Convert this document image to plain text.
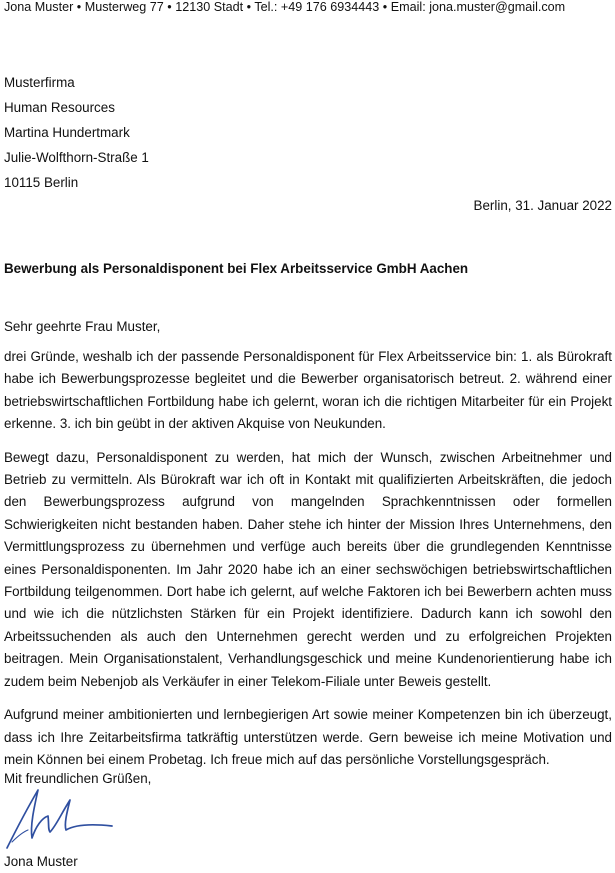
Jona Muster • Musterweg 77 • 12130 Stadt • Tel.: +49 176 6934443 • Email: jona.muster@gmail.com
Musterfirma
Human Resources
Martina Hundertmark
Julie-Wolfthorn-Straße 1
10115 Berlin
Berlin, 31. Januar 2022
Bewerbung als Personaldisponent bei Flex Arbeitsservice GmbH Aachen
Sehr geehrte Frau Muster,

drei Gründe, weshalb ich der passende Personaldisponent für Flex Arbeitsservice bin: 1. als Bürokraft habe ich Bewerbungsprozesse begleitet und die Bewerber organisatorisch betreut. 2. während einer betriebswirtschaftlichen Fortbildung habe ich gelernt, woran ich die richtigen Mitarbeiter für ein Projekt erkenne. 3. ich bin geübt in der aktiven Akquise von Neukunden.

Bewegt dazu, Personaldisponent zu werden, hat mich der Wunsch, zwischen Arbeitnehmer und Betrieb zu vermitteln. Als Bürokraft war ich oft in Kontakt mit qualifizierten Arbeitskräften, die jedoch den Bewerbungsprozess aufgrund von mangelnden Sprachkenntnissen oder formellen Schwierigkeiten nicht bestanden haben. Daher stehe ich hinter der Mission Ihres Unternehmens, den Vermittlungsprozess zu übernehmen und verfüge auch bereits über die grundlegenden Kenntnisse eines Personaldisponenten. Im Jahr 2020 habe ich an einer sechswöchigen betriebswirtschaftlichen Fortbildung teilgenommen. Dort habe ich gelernt, auf welche Faktoren ich bei Bewerbern achten muss und wie ich die nützlichsten Stärken für ein Projekt identifiziere. Dadurch kann ich sowohl den Arbeitssuchenden als auch den Unternehmen gerecht werden und zu erfolgreichen Projekten beitragen. Mein Organisationstalent, Verhandlungsgeschick und meine Kundenorientierung habe ich zudem beim Nebenjob als Verkäufer in einer Telekom-Filiale unter Beweis gestellt.

Aufgrund meiner ambitionierten und lernbegierigen Art sowie meiner Kompetenzen bin ich überzeugt, dass ich Ihre Zeitarbeitsfirma tatkräftig unterstützen werde. Gern beweise ich meine Motivation und mein Können bei einem Probetag. Ich freue mich auf das persönliche Vorstellungsgespräch.

Mit freundlichen Grüßen,
Jona Muster
